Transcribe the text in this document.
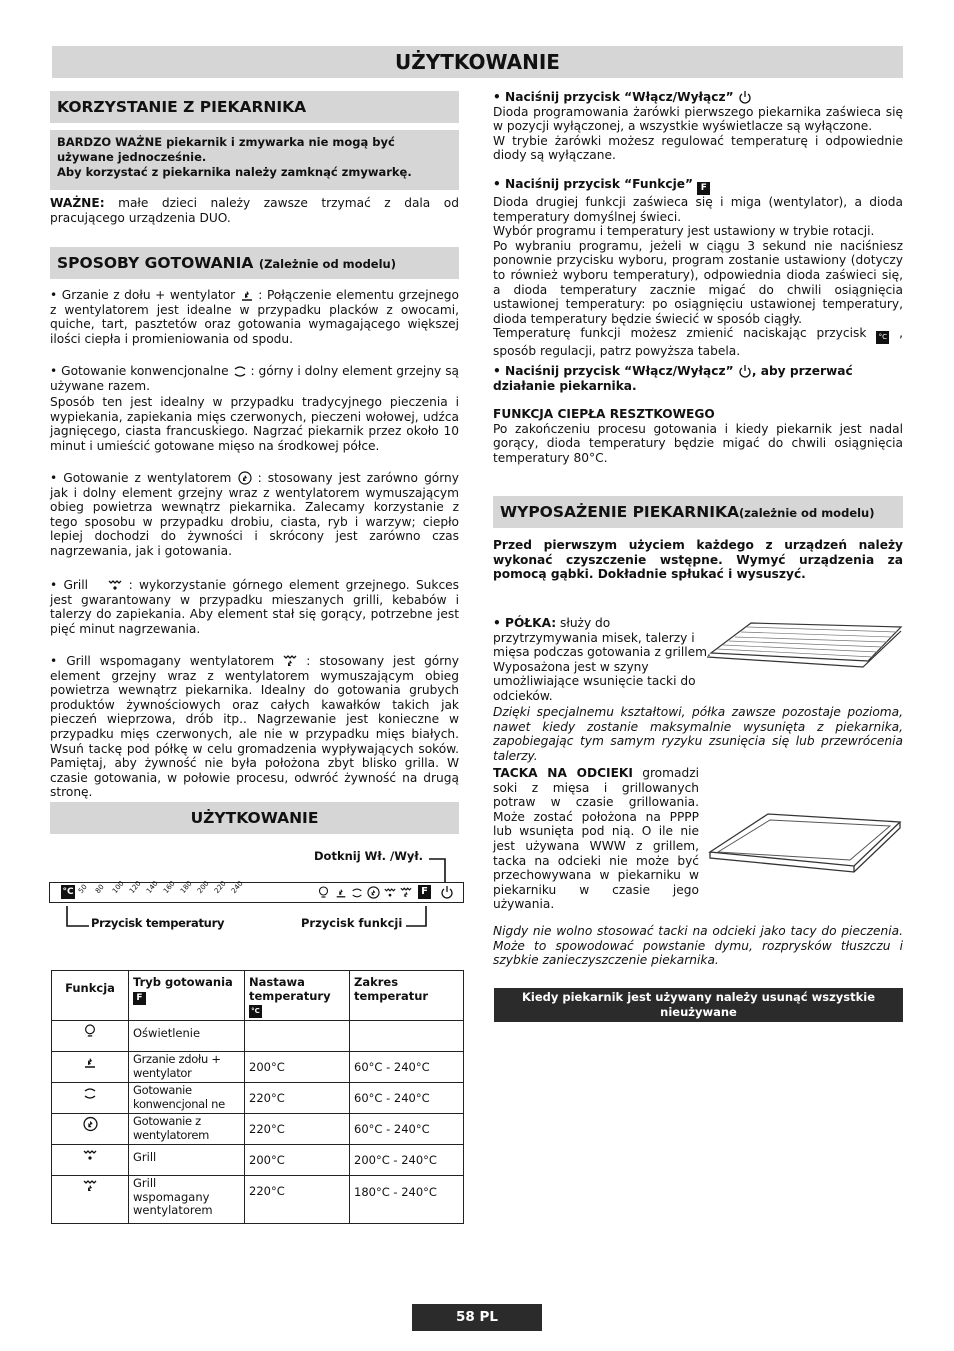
UŻYTKOWANIE
KORZYSTANIE Z PIEKARNIKA
BARDZO WAŻNE piekarnik i zmywarka nie mogą być używane jednocześnie.
Aby korzystać z piekarnika należy zamknąć zmywarkę.

WAŻNE: małe dzieci należy zawsze trzymać z dala od pracującego urządzenia DUO.

SPOSOBY GOTOWANIA (Zależnie od modelu)

• Grzanie z dołu + wentylator : Połączenie elementu grzejnego z wentylatorem jest idealne w przypadku placków z owocami, quiche, tart, pasztetów oraz gotowania wymagającego większej ilości ciepła i promieniowania od spodu.

• Gotowanie konwencjonalne : górny i dolny element grzejny są używane razem.

Sposób ten jest idealny w przypadku tradycyjnego pieczenia i wypiekania, zapiekania mięs czerwonych, pieczeni wołowej, udźca jagnięcego, ciasta francuskiego. Nagrzać piekarnik przez około 10 minut i umieścić gotowane mięso na środkowej półce.

• Gotowanie z wentylatorem : stosowany jest zarówno górny jak i dolny element grzejny wraz z wentylatorem wymuszającym obieg powietrza wewnątrz piekarnika. Zalecamy korzystanie z tego sposobu w przypadku drobiu, ciasta, ryb i warzyw; ciepło lepiej dochodzi do żywności i skrócony jest zarówno czas nagrzewania, jak i gotowania.

• Grill	: wykorzystanie górnego element grzejnego. Sukces jest gwarantowany w przypadku mieszanych grilli, kebabów i talerzy do zapiekania. Aby element stał się gorący, potrzebne jest pięć minut nagrzewania.

• Grill wspomagany wentylatorem	: stosowany jest górny element grzejny wraz z wentylatorem wymuszającym obieg powietrza wewnątrz piekarnika. Idealny do gotowania grubych produktów żywnościowych oraz całych kawałków takich jak pieczeń wieprzowa, drób itp.. Nagrzewanie jest konieczne w przypadku mięs czerwonych, ale nie w przypadku mięs białych. Wsuń tackę pod półkę w celu gromadzenia wypływających soków. Pamiętaj, aby żywność nie była położona zbyt blisko grilla. W czasie gotowania, w połowie procesu, odwróć żywność na drugą stronę.

UŻYTKOWANIE
Dotknij Wł. /Wył.
°C 50 80 100 120 140 160 180 200 220 240	F
Przycisk temperatury	Przycisk funkcji
Funkcja	Tryb gotowania F	Nastawa temperatury °C	Zakres temperatur
	Oświetlenie		
	Grzanie zdołu + wentylator	200°C	60°C - 240°C
	Gotowanie konwencjonal ne	220°C	60°C - 240°C
	Gotowanie z wentylatorem	220°C	60°C - 240°C
	Grill	200°C	200°C - 240°C
	Grill wspomagany wentylatorem	220°C	180°C - 240°C

• Naciśnij przycisk “Włącz/Wyłącz”

Dioda programowania żarówki pierwszego piekarnika zaświeca się w pozycji wyłączonej, a wszystkie wyświetlacze są wyłączone.

W trybie żarówki możesz regulować temperaturę i odpowiednie diody są wyłączane.

• Naciśnij przycisk “Funkcje” F

Dioda drugiej funkcji zaświeca się i miga (wentylator), a dioda temperatury domyślnej świeci.

Wybór programu i temperatury jest ustawiony w trybie rotacji.

Po wybraniu programu, jeżeli w ciągu 3 sekund nie naciśniesz ponownie przycisku wyboru, program zostanie ustawiony (dotyczy to również wyboru temperatury), odpowiednia dioda zaświeci się, a dioda temperatury zacznie migać do chwili osiągnięcia ustawionej temperatury: po osiągnięciu ustawionej temperatury, dioda temperatury będzie świecić w sposób ciągły.

Temperaturę funkcji możesz zmienić naciskając przycisk °C , sposób regulacji, patrz powyższa tabela.

• Naciśnij przycisk “Włącz/Wyłącz” , aby przerwać działanie piekarnika.

FUNKCJA CIEPŁA RESZTKOWEGO

Po zakończeniu procesu gotowania i kiedy piekarnik jest nadal gorący, dioda temperatury będzie migać do chwili osiągnięcia temperatury 80°C.

WYPOSAŻENIE PIEKARNIKA(zależnie od modelu)

Przed pierwszym użyciem każdego z urządzeń należy wykonać czyszczenie wstępne. Wymyć urządzenia za pomocą gąbki. Dokładnie spłukać i wysuszyć.

• PÓŁKA: służy do przytrzymywania misek, talerzy i mięsa podczas gotowania z grillem. Wyposażona jest w szyny umożliwiające wsunięcie tacki do odcieków.

Dzięki specjalnemu kształtowi, półka zawsze pozostaje pozioma, nawet kiedy zostanie maksymalnie wysunięta z piekarnika, zapobiegając tym samym ryzyku zsunięcia się lub przewrócenia talerzy.

TACKA NA ODCIEKI gromadzi soki z mięsa i grillowanych potraw w czasie grillowania. Może zostać położona na PPPP lub wsunięta pod nią. O ile nie jest używana WWW z grillem, tacka na odcieki nie może być przechowywana w piekarniku w piekarniku w czasie jego używania.

Nigdy nie wolno stosować tacki na odcieki jako tacy do pieczenia. Może to spowodować powstanie dymu, rozprysków tłuszczu i szybkie zanieczyszczenie piekarnika.

Kiedy piekarnik jest używany należy usunąć wszystkie nieużywane
58 PL
